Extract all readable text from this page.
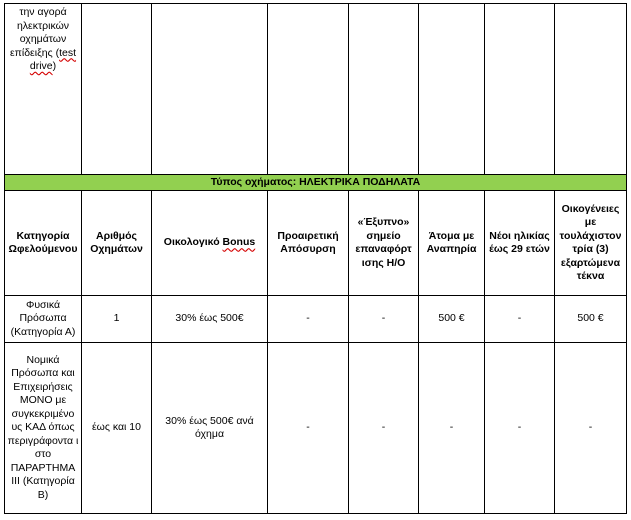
την αγορά
ηλεκτρικών
οχημάτων
επίδειξης (test
drive)							
Τύπος οχήματος: ΗΛΕΚΤΡΙΚΑ ΠΟΔΗΛΑΤΑ							
Κατηγορία Ωφελούμενου	Αριθμός Οχημάτων	Οικολογικό Bonus	Προαιρετική Απόσυρση	«Έξυπνο» σημείο επαναφόρτ ισης Η/Ο	Άτομα με Αναπηρία	Νέοι ηλικίας έως 29 ετών	Οικογένειες με τουλάχιστον τρία (3) εξαρτώμενα τέκνα
Φυσικά Πρόσωπα (Κατηγορία Α)	1	30% έως 500€	-	-	500 €	-	500 €
Νομικά Πρόσωπα και Επιχειρήσεις ΜΟΝΟ με συγκεκριμένο υς ΚΑΔ όπως περιγράφοντα ι στο ΠΑΡΑΡΤΗΜΑ ΙΙΙ (Κατηγορία Β)	έως και 10	30% έως 500€ ανά όχημα	-	-	-	-	-
